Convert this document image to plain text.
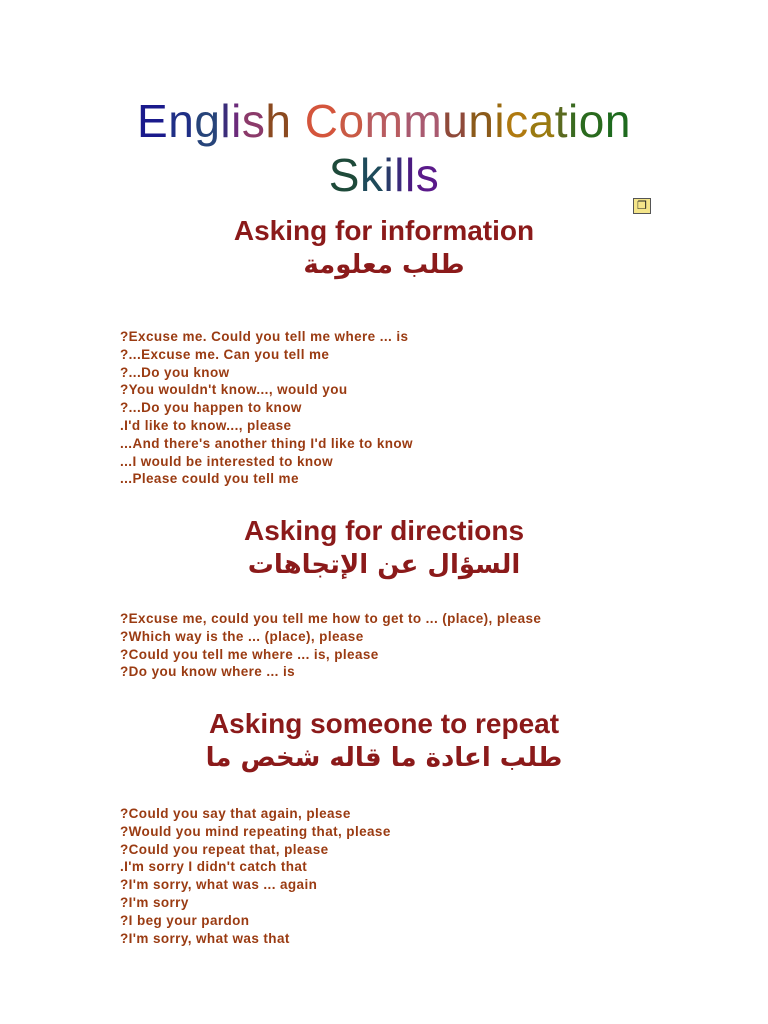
English Communication
Skills
❐
Asking for information
طلب معلومة
?Excuse me. Could you tell me where ... is
?...Excuse me. Can you tell me
?...Do you know
?You wouldn't know..., would you
?...Do you happen to know
.I'd like to know..., please
...And there's another thing I'd like to know
...I would be interested to know
...Please could you tell me
Asking for directions
السؤال عن الإتجاهات
?Excuse me, could you tell me how to get to ... (place), please
?Which way is the ... (place), please
?Could you tell me where ... is, please
?Do you know where ... is
Asking someone to repeat
طلب اعادة ما قاله شخص ما
?Could you say that again, please
?Would you mind repeating that, please
?Could you repeat that, please
.I'm sorry I didn't catch that
?I'm sorry, what was ... again
?I'm sorry
?I beg your pardon
?I'm sorry, what was that
